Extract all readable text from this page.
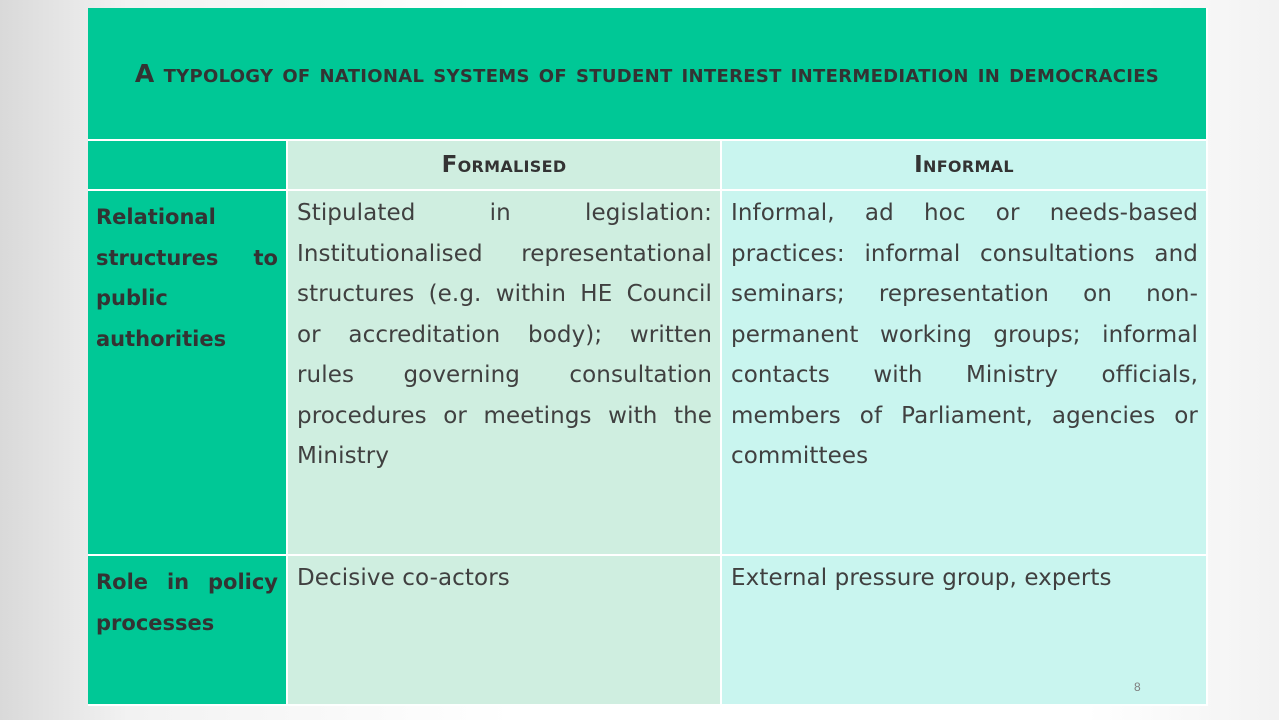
A typology of national systems of student interest intermediation in democracies
Formalised	Informal
Relational structures to public authorities
Stipulated in legislation: Institutionalised representational structures (e.g. within HE Council or accreditation body); written rules governing consultation procedures or meetings with the Ministry
Informal, ad hoc or needs-based practices: informal consultations and seminars; representation on non-permanent working groups; informal contacts with Ministry officials, members of Parliament, agencies or committees
Role in policy processes
Decisive co-actors	External pressure group, experts
8
